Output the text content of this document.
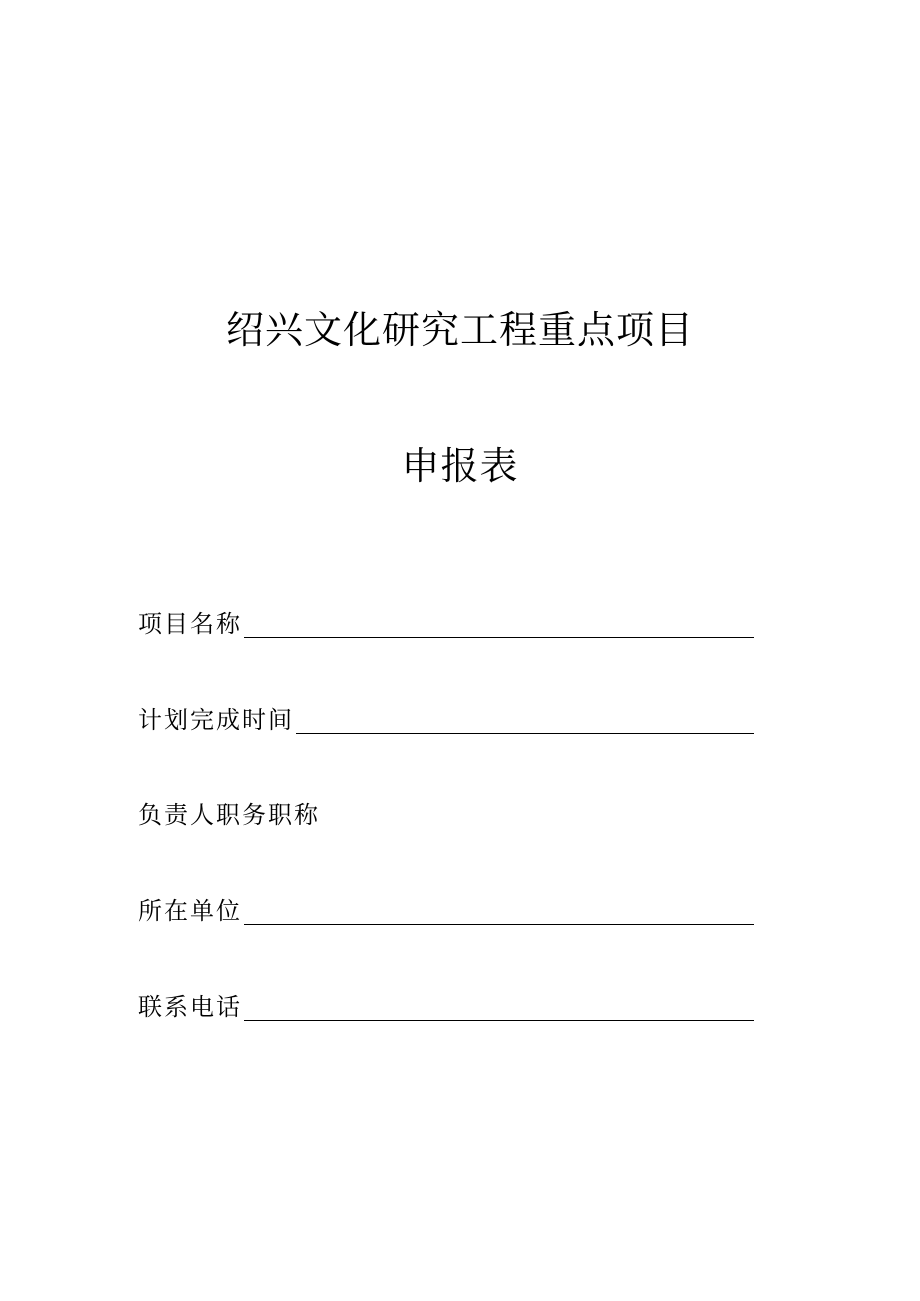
绍兴文化研究工程重点项目
申报表
项目名称
计划完成时间
负责人职务职称
所在单位
联系电话
